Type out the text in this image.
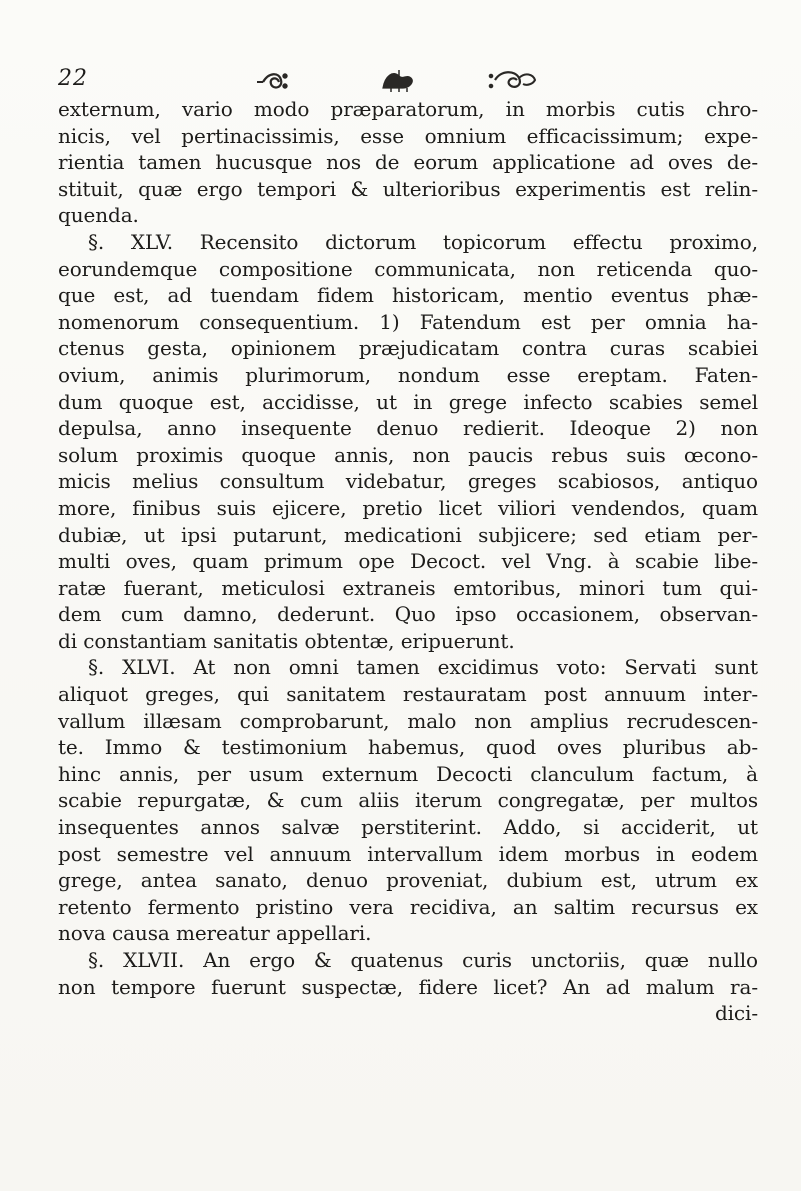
22
externum, vario modo præparatorum, in morbis cutis chro-
nicis, vel pertinacissimis, esse omnium efficacissimum; expe-
rientia tamen hucusque nos de eorum applicatione ad oves de-
stituit, quæ ergo tempori & ulterioribus experimentis est relin-
quenda.
§. XLV. Recensito dictorum topicorum effectu proximo,
eorundemque compositione communicata, non reticenda quo-
que est, ad tuendam fidem historicam, mentio eventus phæ-
nomenorum consequentium. 1) Fatendum est per omnia ha-
ctenus gesta, opinionem præjudicatam contra curas scabiei
ovium, animis plurimorum, nondum esse ereptam. Faten-
dum quoque est, accidisse, ut in grege infecto scabies semel
depulsa, anno insequente denuo redierit. Ideoque 2) non
solum proximis quoque annis, non paucis rebus suis œcono-
micis melius consultum videbatur, greges scabiosos, antiquo
more, finibus suis ejicere, pretio licet viliori vendendos, quam
dubiæ, ut ipsi putarunt, medicationi subjicere; sed etiam per-
multi oves, quam primum ope Decoct. vel Vng. à scabie libe-
ratæ fuerant, meticulosi extraneis emtoribus, minori tum qui-
dem cum damno, dederunt. Quo ipso occasionem, observan-
di constantiam sanitatis obtentæ, eripuerunt.
§. XLVI. At non omni tamen excidimus voto: Servati sunt
aliquot greges, qui sanitatem restauratam post annuum inter-
vallum illæsam comprobarunt, malo non amplius recrudescen-
te. Immo & testimonium habemus, quod oves pluribus ab-
hinc annis, per usum externum Decocti clanculum factum, à
scabie repurgatæ, & cum aliis iterum congregatæ, per multos
insequentes annos salvæ perstiterint. Addo, si acciderit, ut
post semestre vel annuum intervallum idem morbus in eodem
grege, antea sanato, denuo proveniat, dubium est, utrum ex
retento fermento pristino vera recidiva, an saltim recursus ex
nova causa mereatur appellari.
§. XLVII. An ergo & quatenus curis unctoriis, quæ nullo
non tempore fuerunt suspectæ, fidere licet? An ad malum ra-
dici-
